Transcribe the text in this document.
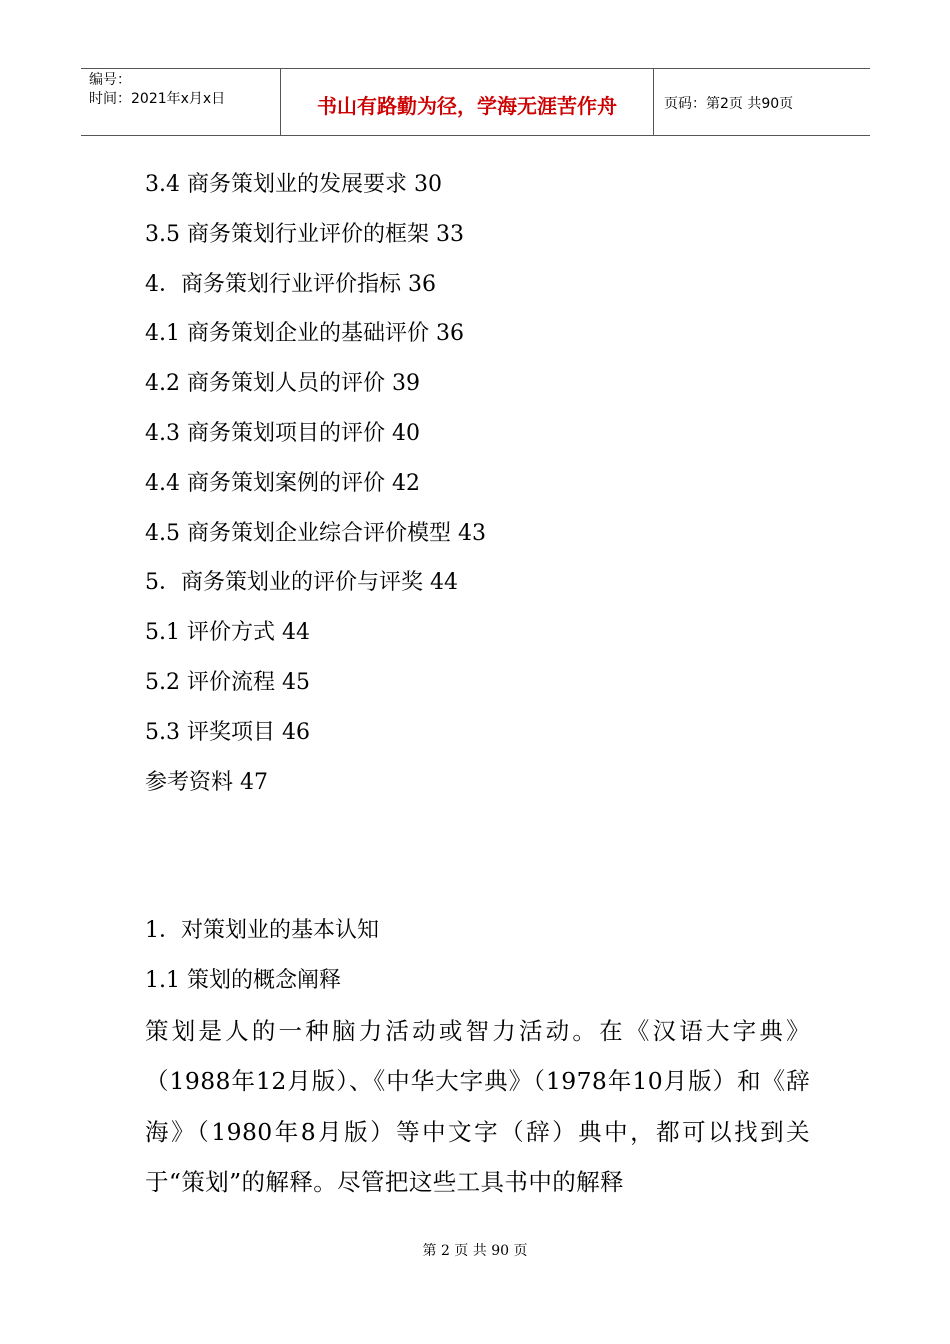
编号：
时间：2021年x月x日	书山有路勤为径，学海无涯苦作舟	页码：第2页 共90页
3.4 商务策划业的发展要求 30
3.5 商务策划行业评价的框架 33
4．商务策划行业评价指标 36
4.1 商务策划企业的基础评价 36
4.2 商务策划人员的评价 39
4.3 商务策划项目的评价 40
4.4 商务策划案例的评价 42
4.5 商务策划企业综合评价模型 43
5．商务策划业的评价与评奖 44
5.1 评价方式 44
5.2 评价流程 45
5.3 评奖项目 46
参考资料 47
1．对策划业的基本认知
1.1 策划的概念阐释

策划是人的一种脑力活动或智力活动。在《汉语大字典》（1988年12月版）、《中华大字典》（1978年10月版）和《辞海》（1980年8月版）等中文字（辞）典中，都可以找到关于“策划”的解释。尽管把这些工具书中的解释

第 2 页 共 90 页
